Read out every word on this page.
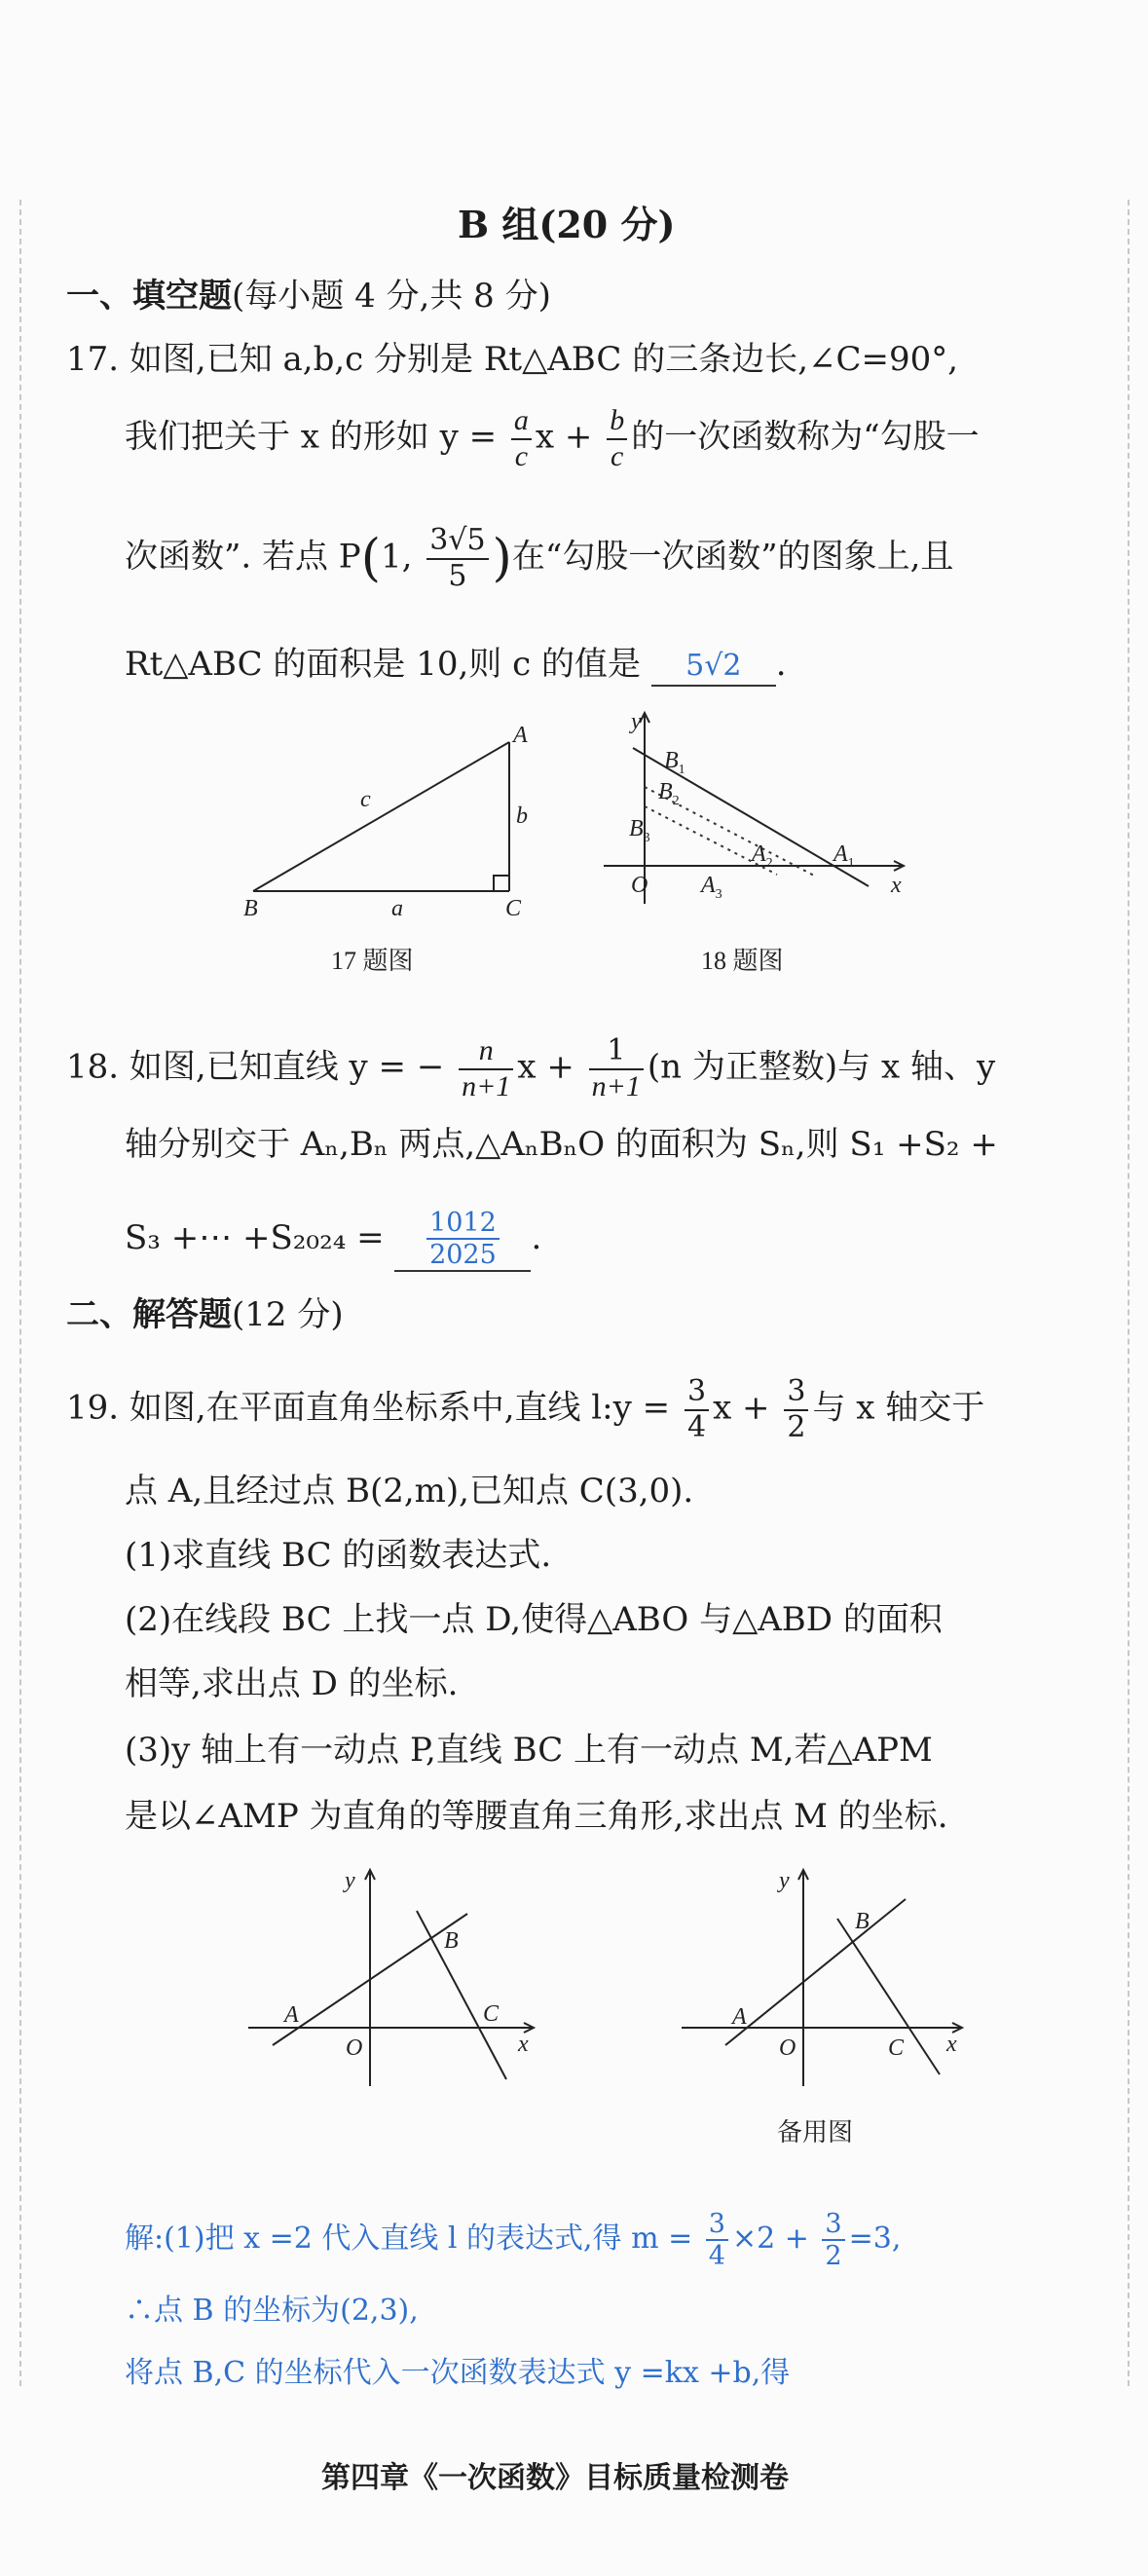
B 组(20 分)
一、填空题(每小题 4 分,共 8 分)
17. 如图,已知 a,b,c 分别是 Rt△ABC 的三条边长,∠C=90°,
我们把关于 x 的形如 $y = \frac{a}{c}$ $x + \frac{b}{c}$ 的一次函数称为“勾股一
次函数”. 若点 P(1, $\frac{3√5}{5}$ )在“勾股一次函数”的图象上,且
Rt△ABC 的面积是 10,则 c 的值是 5√2 .
A
B	C
a
b
c
17 题图
y
x
O
$B_1$
$B_2$
$B_3$
$A_1$
$A_2$
$A_3$
18 题图
18. 如图,已知直线 y = − $\frac{n}{n+1}$ $x + \frac{1}{n+1} (n$ 为正整数)与 x 轴、y
轴分别交于 Aₙ,Bₙ 两点,△AₙBₙO 的面积为 Sₙ,则 S₁ +S₂ +
S₃ +⋯ $+S_{2024} = \frac{1012}{2025}$ .
二、解答题(12 分)
19. 如图,在平面直角坐标系中,直线 l:y = $\frac{3}{4}$ $x + \frac{3}{2}$ 与 x 轴交于
点 A,且经过点 B(2,m),已知点 C(3,0).
(1)求直线 BC 的函数表达式.
(2)在线段 BC 上找一点 D,使得△ABO 与△ABD 的面积
相等,求出点 D 的坐标.
(3)y 轴上有一动点 P,直线 BC 上有一动点 M,若△APM
是以∠AMP 为直角的等腰直角三角形,求出点 M 的坐标.
y
x
O
A
B
C
y
x
O
A
B
C
备用图
解:(1)把 x =2 代入直线 l 的表达式,得 $m = \frac{3}{4} \times 2 + \frac{3}{2} =3$,
∴点 B 的坐标为(2,3),
将点 B,C 的坐标代入一次函数表达式 y =kx +b,得
第四章《一次函数》目标质量检测卷
